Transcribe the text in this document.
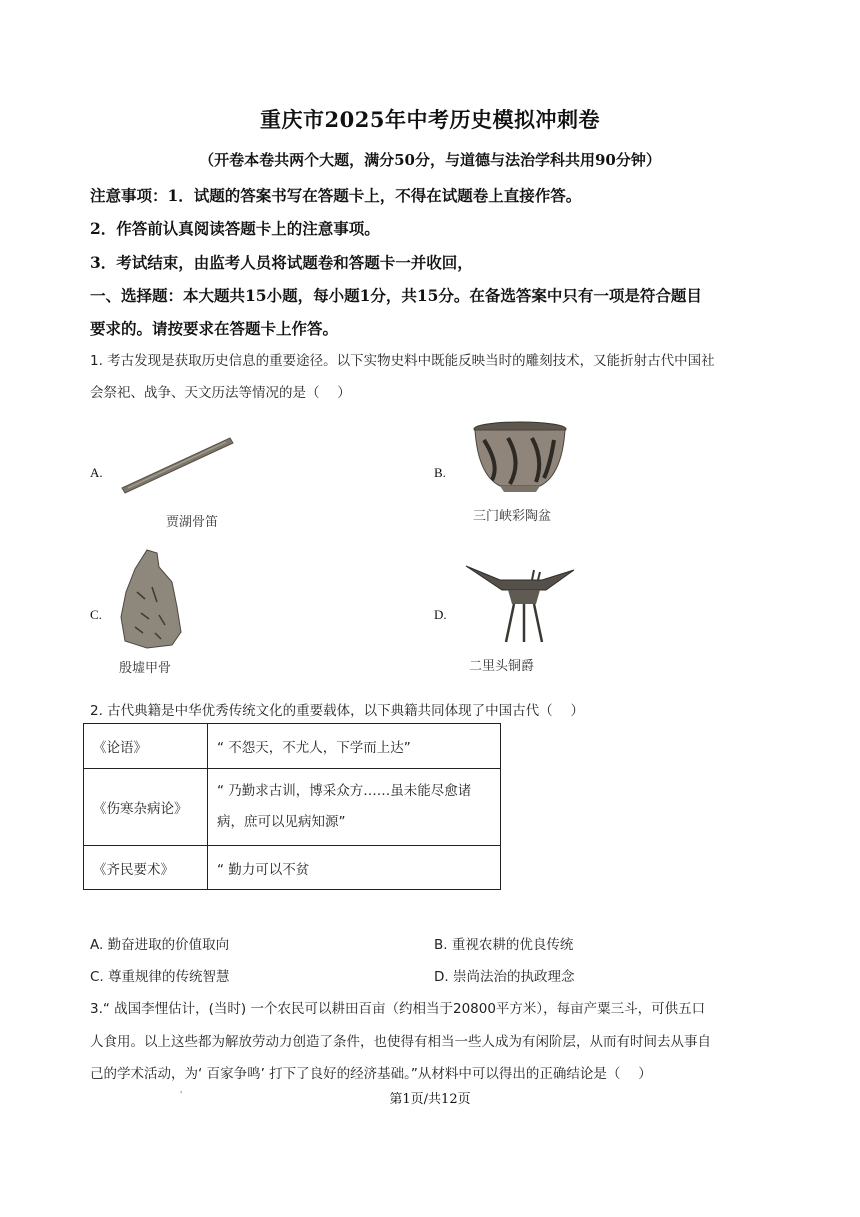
重庆市2025年中考历史模拟冲刺卷
（开卷本卷共两个大题，满分50分，与道德与法治学科共用90分钟）
注意事项：1．试题的答案书写在答题卡上，不得在试题卷上直接作答。
2．作答前认真阅读答题卡上的注意事项。
3．考试结束，由监考人员将试题卷和答题卡一并收回，
一、选择题：本大题共15小题，每小题1分，共15分。在备选答案中只有一项是符合题目
要求的。请按要求在答题卡上作答。
1. 考古发现是获取历史信息的重要途径。以下实物史料中既能反映当时的雕刻技术，又能折射古代中国社
会祭祀、战争、天文历法等情况的是（　 ）
A.
贾湖骨笛
B.
三门峡彩陶盆
C.
殷墟甲骨
D.
二里头铜爵
2. 古代典籍是中华优秀传统文化的重要载体，以下典籍共同体现了中国古代（　 ）
《论语》	“ 不怨天，不尤人，下学而上达”
《伤寒杂病论》	“ 乃勤求古训，博采众方……虽未能尽愈诸
病，庶可以见病知源”

《齐民要术》	“ 勤力可以不贫
A. 勤奋进取的价值取向	B. 重视农耕的优良传统
C. 尊重规律的传统智慧	D. 崇尚法治的执政理念
3.“ 战国李悝估计，(当时) 一个农民可以耕田百亩（约相当于20800平方米），每亩产粟三斗，可供五口
人食用。以上这些都为解放劳动力创造了条件，也使得有相当一些人成为有闲阶层，从而有时间去从事自
己的学术活动，为‘ 百家争鸣’ 打下了良好的经济基础。”从材料中可以得出的正确结论是（　 ）
'	第1页/共12页
